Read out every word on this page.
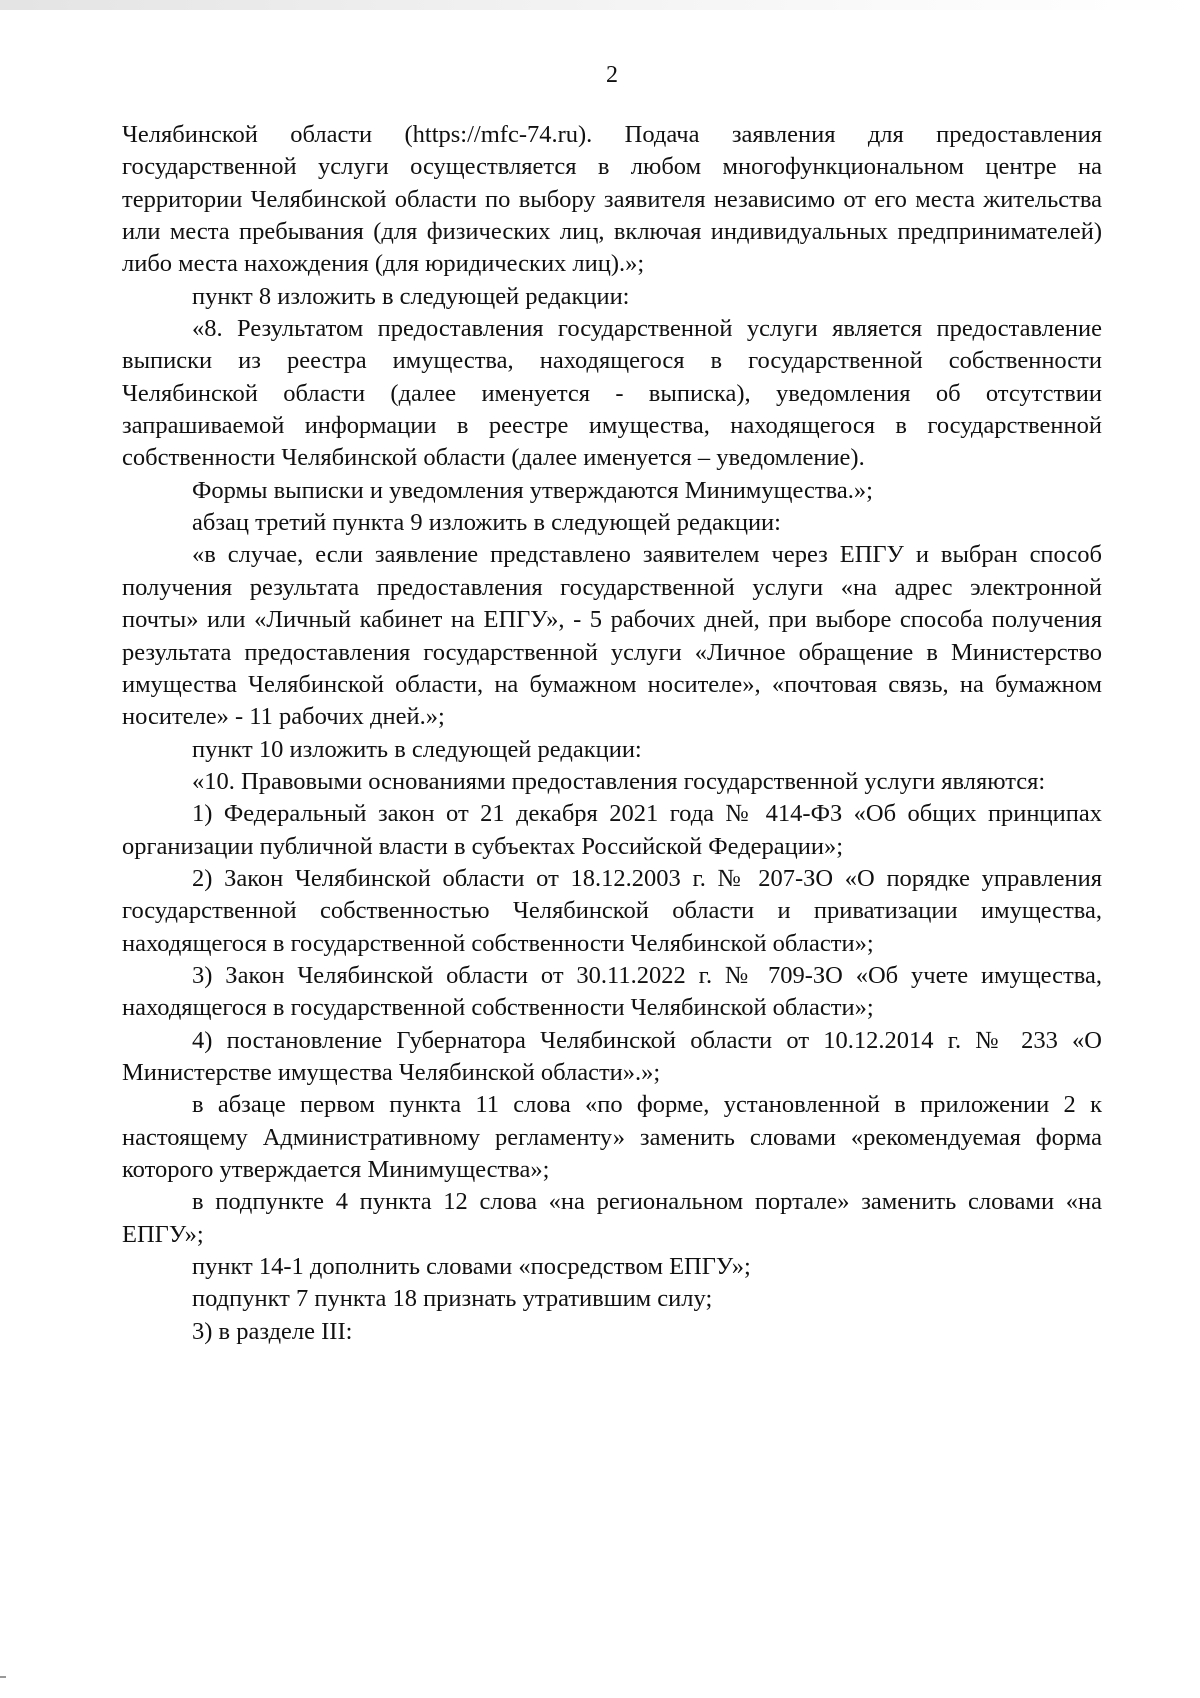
2

Челябинской области (https://mfc-74.ru). Подача заявления для предоставления государственной услуги осуществляется в любом многофункциональном центре на территории Челябинской области по выбору заявителя независимо от его места жительства или места пребывания (для физических лиц, включая индивидуальных предпринимателей) либо места нахождения (для юридических лиц).»;

пункт 8 изложить в следующей редакции:

«8. Результатом предоставления государственной услуги является предоставление выписки из реестра имущества, находящегося в государственной собственности Челябинской области (далее именуется - выписка), уведомления об отсутствии запрашиваемой информации в реестре имущества, находящегося в государственной собственности Челябинской области (далее именуется – уведомление).

Формы выписки и уведомления утверждаются Минимущества.»;

абзац третий пункта 9 изложить в следующей редакции:

«в случае, если заявление представлено заявителем через ЕПГУ и выбран способ получения результата предоставления государственной услуги «на адрес электронной почты» или «Личный кабинет на ЕПГУ», - 5 рабочих дней, при выборе способа получения результата предоставления государственной услуги «Личное обращение в Министерство имущества Челябинской области, на бумажном носителе», «почтовая связь, на бумажном носителе» - 11 рабочих дней.»;

пункт 10 изложить в следующей редакции:

«10. Правовыми основаниями предоставления государственной услуги являются:

1) Федеральный закон от 21 декабря 2021 года № 414-ФЗ «Об общих принципах организации публичной власти в субъектах Российской Федерации»;

2) Закон Челябинской области от 18.12.2003 г. № 207-ЗО «О порядке управления государственной собственностью Челябинской области и приватизации имущества, находящегося в государственной собственности Челябинской области»;

3) Закон Челябинской области от 30.11.2022 г. № 709-ЗО «Об учете имущества, находящегося в государственной собственности Челябинской области»;

4) постановление Губернатора Челябинской области от 10.12.2014 г. № 233 «О Министерстве имущества Челябинской области».»;

в абзаце первом пункта 11 слова «по форме, установленной в приложении 2 к настоящему Административному регламенту» заменить словами «рекомендуемая форма которого утверждается Минимущества»;

в подпункте 4 пункта 12 слова «на региональном портале» заменить словами «на ЕПГУ»;

пункт 14-1 дополнить словами «посредством ЕПГУ»;

подпункт 7 пункта 18 признать утратившим силу;

3) в разделе III:
